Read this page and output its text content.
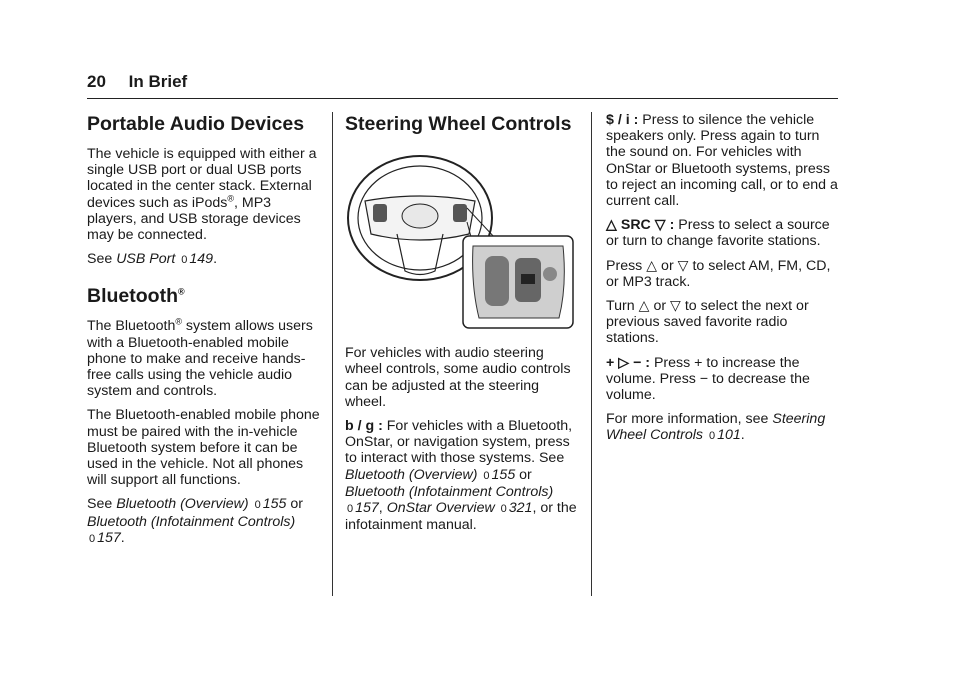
20 In Brief
Portable Audio Devices

The vehicle is equipped with either a single USB port or dual USB ports located in the center stack. External devices such as iPods®, MP3 players, and USB storage devices may be connected.

See USB Port 0 149.

Bluetooth®

The Bluetooth® system allows users with a Bluetooth-enabled mobile phone to make and receive hands-free calls using the vehicle audio system and controls.

The Bluetooth-enabled mobile phone must be paired with the in-vehicle Bluetooth system before it can be used in the vehicle. Not all phones will support all functions.

See Bluetooth (Overview) 0 155 or Bluetooth (Infotainment Controls) 0 157.

Steering Wheel Controls

For vehicles with audio steering wheel controls, some audio controls can be adjusted at the steering wheel.

b / g : For vehicles with a Bluetooth, OnStar, or navigation system, press to interact with those systems. See Bluetooth (Overview) 0 155 or Bluetooth (Infotainment Controls) 0 157, OnStar Overview 0 321, or the infotainment manual.

$ / i : Press to silence the vehicle speakers only. Press again to turn the sound on. For vehicles with OnStar or Bluetooth systems, press to reject an incoming call, or to end a current call.

△ SRC ▽ : Press to select a source or turn to change favorite stations.

Press △ or ▽ to select AM, FM, CD, or MP3 track.

Turn △ or ▽ to select the next or previous saved favorite radio stations.

+ ▷ − : Press + to increase the volume. Press − to decrease the volume.

For more information, see Steering Wheel Controls 0 101.
